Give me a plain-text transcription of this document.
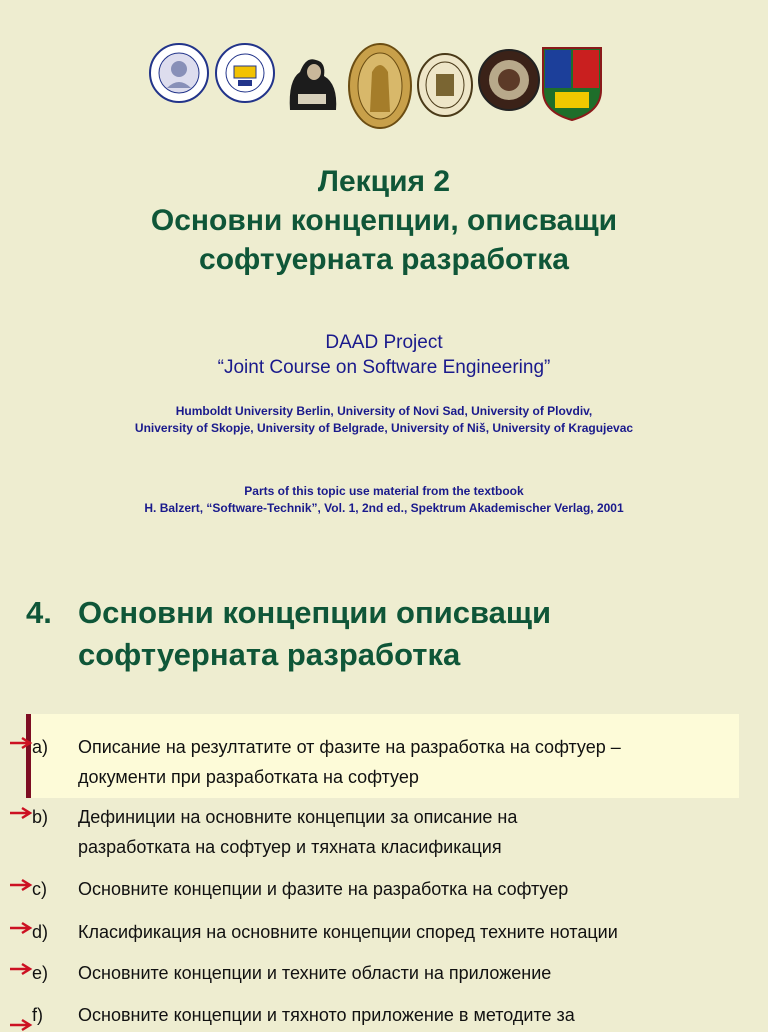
Лекция 2
Основни концепции, описващи
софтуерната разработка
DAAD Project
“Joint Course on Software Engineering”
Humboldt University Berlin, University of Novi Sad, University of Plovdiv,
University of Skopje, University of Belgrade, University of Niš, University of Kragujevac
Parts of this topic use material from the textbook
H. Balzert, “Software-Technik”, Vol. 1, 2nd ed., Spektrum Akademischer Verlag, 2001
4. Основни концепции описващи
софтуерната разработка
a) Описание на резултатите от фазите на разработка на софтуер –
документи при разработката на софтуер
b) Дефиниции на основните концепции за описание на
разработката на софтуер и тяхната класификация
c) Основните концепции и фазите на разработка на софтуер
d) Класификация на основните концепции според техните нотации
e) Основните концепции и техните области на приложение
f) Основните концепции и тяхното приложение в методите за
